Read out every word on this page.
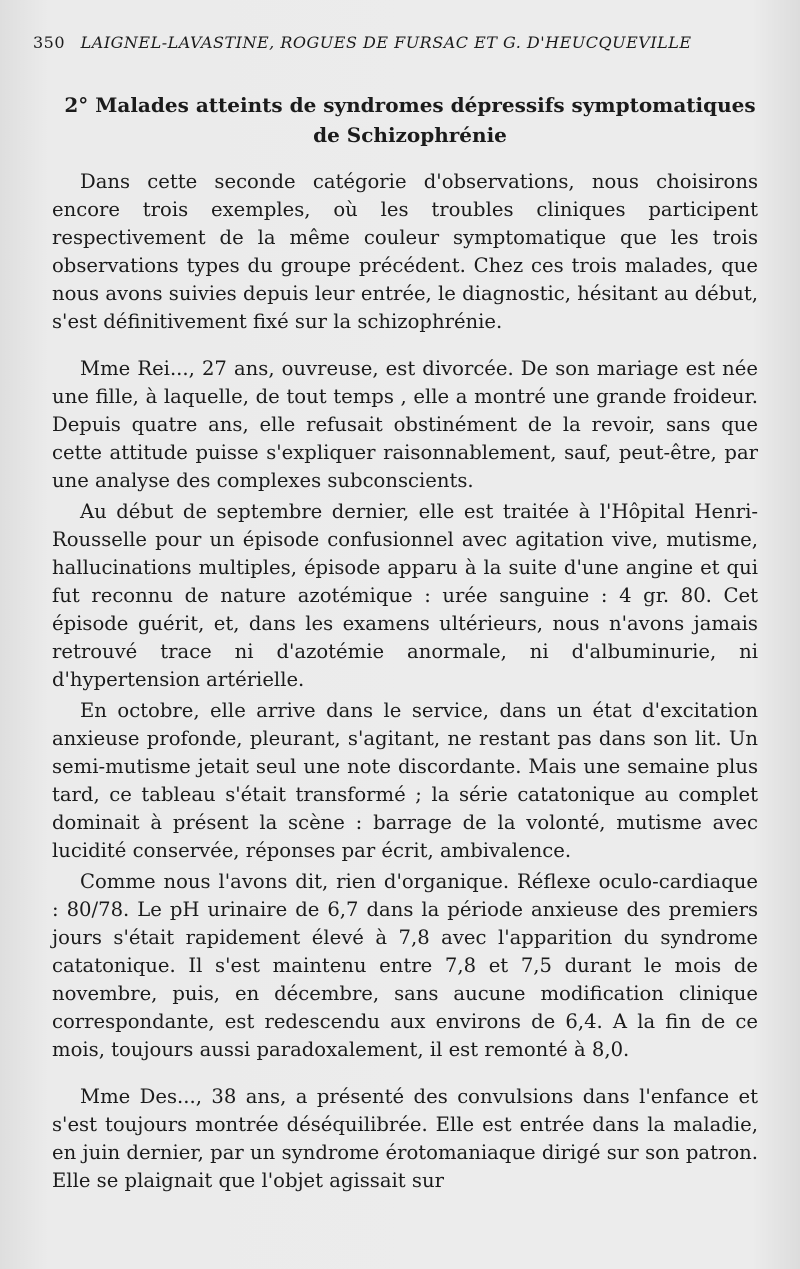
350 LAIGNEL-LAVASTINE, ROGUES DE FURSAC ET G. D'HEUCQUEVILLE
2° Malades atteints de syndromes dépressifs symptomatiques
de Schizophrénie

Dans cette seconde catégorie d'observations, nous choisirons encore trois exemples, où les troubles cliniques participent respectivement de la même couleur symptomatique que les trois observations types du groupe précédent. Chez ces trois malades, que nous avons suivies depuis leur entrée, le diagnostic, hésitant au début, s'est définitivement fixé sur la schizophrénie.

Mme Rei..., 27 ans, ouvreuse, est divorcée. De son mariage est née une fille, à laquelle, de tout temps , elle a montré une grande froideur. Depuis quatre ans, elle refusait obstinément de la revoir, sans que cette attitude puisse s'expliquer raisonnablement, sauf, peut-être, par une analyse des complexes subconscients.

Au début de septembre dernier, elle est traitée à l'Hôpital Henri-Rousselle pour un épisode confusionnel avec agitation vive, mutisme, hallucinations multiples, épisode apparu à la suite d'une angine et qui fut reconnu de nature azotémique : urée sanguine : 4 gr. 80. Cet épisode guérit, et, dans les examens ultérieurs, nous n'avons jamais retrouvé trace ni d'azotémie anormale, ni d'albuminurie, ni d'hypertension artérielle.

En octobre, elle arrive dans le service, dans un état d'excitation anxieuse profonde, pleurant, s'agitant, ne restant pas dans son lit. Un semi-mutisme jetait seul une note discordante. Mais une semaine plus tard, ce tableau s'était transformé ; la série catatonique au complet dominait à présent la scène : barrage de la volonté, mutisme avec lucidité conservée, réponses par écrit, ambivalence.

Comme nous l'avons dit, rien d'organique. Réflexe oculo-cardiaque : 80/78. Le pH urinaire de 6,7 dans la période anxieuse des premiers jours s'était rapidement élevé à 7,8 avec l'apparition du syndrome catatonique. Il s'est maintenu entre 7,8 et 7,5 durant le mois de novembre, puis, en décembre, sans aucune modification clinique correspondante, est redescendu aux environs de 6,4. A la fin de ce mois, toujours aussi paradoxalement, il est remonté à 8,0.

Mme Des..., 38 ans, a présenté des convulsions dans l'enfance et s'est toujours montrée déséquilibrée. Elle est entrée dans la maladie, en juin dernier, par un syndrome érotomaniaque dirigé sur son patron. Elle se plaignait que l'objet agissait sur
